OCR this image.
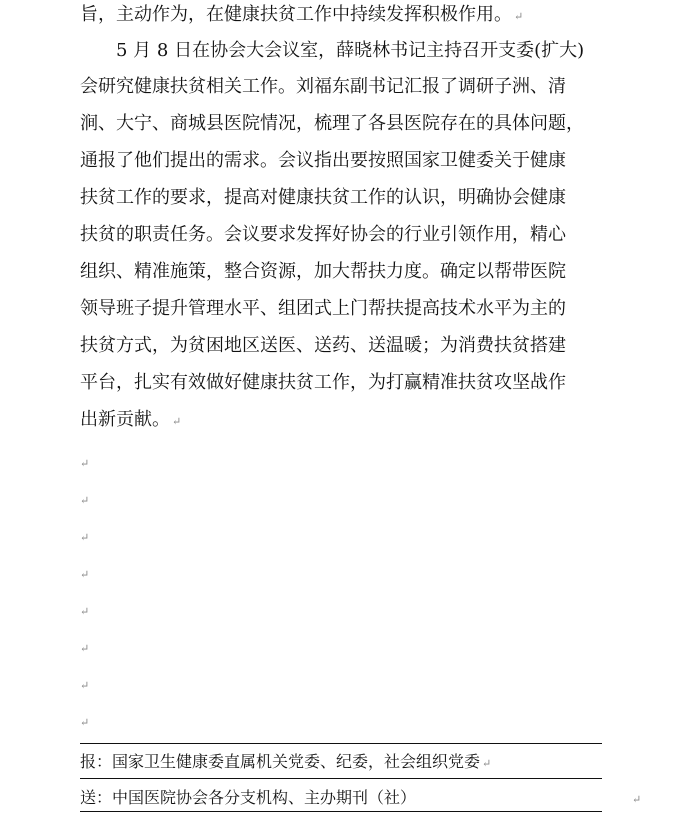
旨，主动作为，在健康扶贫工作中持续发挥积极作用。 ↵
　　5 月 8 日在协会大会议室，薛晓林书记主持召开支委(扩大)
会研究健康扶贫相关工作。刘福东副书记汇报了调研子洲、清
涧、大宁、商城县医院情况，梳理了各县医院存在的具体问题，
通报了他们提出的需求。会议指出要按照国家卫健委关于健康
扶贫工作的要求，提高对健康扶贫工作的认识，明确协会健康
扶贫的职责任务。会议要求发挥好协会的行业引领作用，精心
组织、精准施策，整合资源，加大帮扶力度。确定以帮带医院
领导班子提升管理水平、组团式上门帮扶提高技术水平为主的
扶贫方式，为贫困地区送医、送药、送温暖；为消费扶贫搭建
平台，扎实有效做好健康扶贫工作，为打赢精准扶贫攻坚战作
出新贡献。 ↵
↵
↵
↵
↵
↵
↵
↵
↵
报：国家卫生健康委直属机关党委、纪委，社会组织党委 ↵
送：中国医院协会各分支机构、主办期刊（社）	↵
